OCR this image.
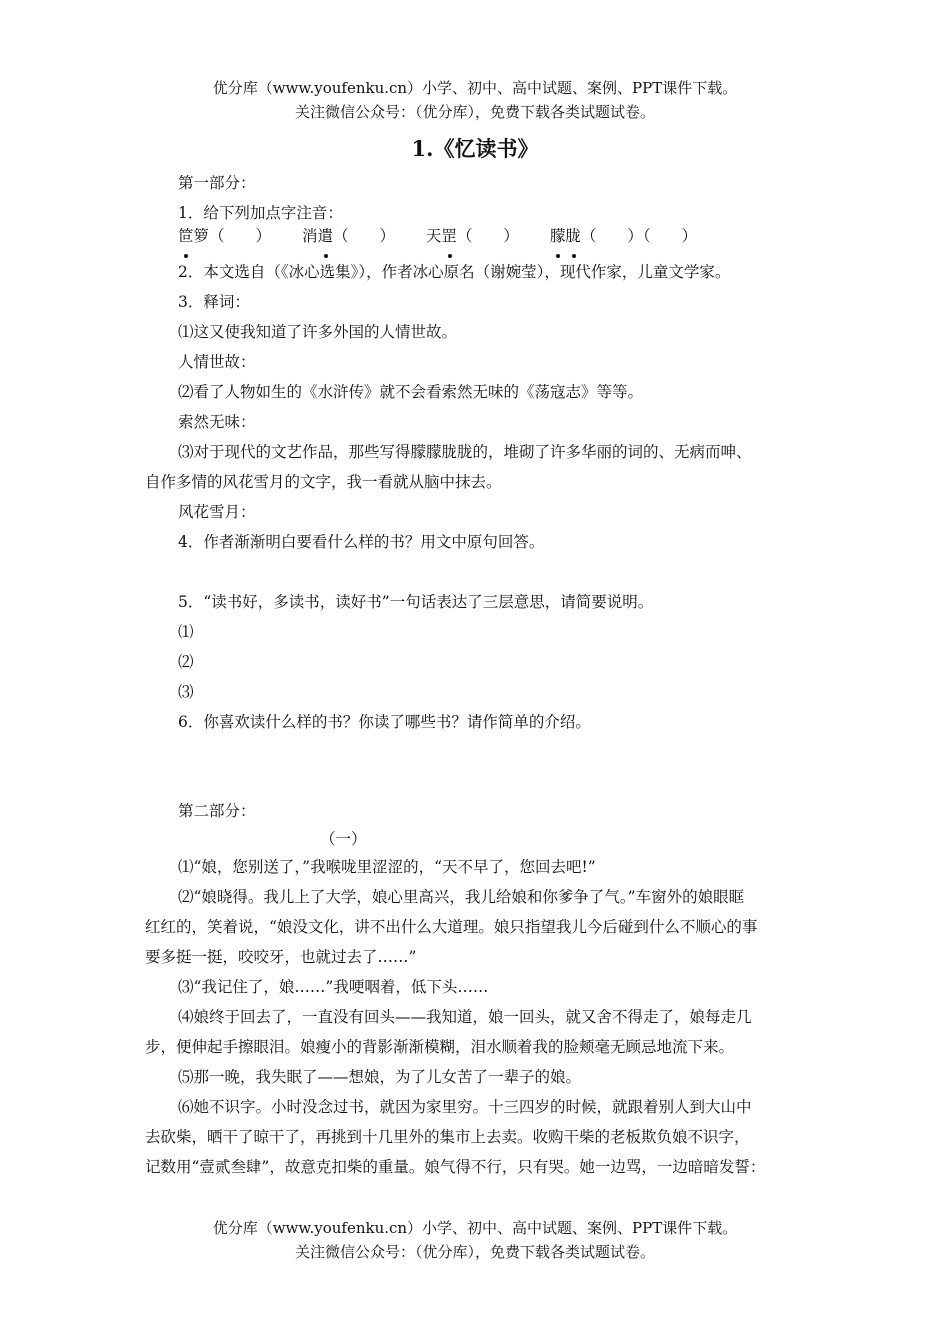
优分库（www.youfenku.cn）小学、初中、高中试题、案例、PPT课件下载。
关注微信公众号：（优分库），免费下载各类试题试卷。
1.《忆读书》
第一部分：
1．给下列加点字注音：
笸箩（　　） 消遣（　　） 天罡（　　） 朦胧（　　）（　　）
2．本文选自（《冰心选集》），作者冰心原名（谢婉莹），现代作家，儿童文学家。
3．释词：
⑴这又使我知道了许多外国的人情世故。
人情世故：
⑵看了人物如生的《水浒传》就不会看索然无味的《荡寇志》等等。
索然无味：
⑶对于现代的文艺作品，那些写得朦朦胧胧的，堆砌了许多华丽的词的、无病而呻、
自作多情的风花雪月的文字，我一看就从脑中抹去。
风花雪月：
4．作者渐渐明白要看什么样的书？用文中原句回答。
5．“读书好，多读书，读好书”一句话表达了三层意思，请简要说明。
⑴
⑵
⑶
6．你喜欢读什么样的书？你读了哪些书？请作简单的介绍。
第二部分：
（一）
⑴“娘，您别送了，”我喉咙里涩涩的，“天不早了，您回去吧!”
⑵“娘晓得。我儿上了大学，娘心里高兴，我儿给娘和你爹争了气。”车窗外的娘眼眶
红红的，笑着说，“娘没文化，讲不出什么大道理。娘只指望我儿今后碰到什么不顺心的事
要多挺一挺，咬咬牙，也就过去了……”
⑶“我记住了，娘……”我哽咽着，低下头……
⑷娘终于回去了，一直没有回头——我知道，娘一回头，就又舍不得走了，娘每走几
步，便伸起手擦眼泪。娘瘦小的背影渐渐模糊，泪水顺着我的脸颊毫无顾忌地流下来。
⑸那一晚，我失眠了——想娘，为了儿女苦了一辈子的娘。
⑹她不识字。小时没念过书，就因为家里穷。十三四岁的时候，就跟着别人到大山中
去砍柴，晒干了晾干了，再挑到十几里外的集市上去卖。收购干柴的老板欺负娘不识字，
记数用“壹贰叁肆”，故意克扣柴的重量。娘气得不行，只有哭。她一边骂，一边暗暗发誓：
优分库（www.youfenku.cn）小学、初中、高中试题、案例、PPT课件下载。
关注微信公众号：（优分库），免费下载各类试题试卷。
